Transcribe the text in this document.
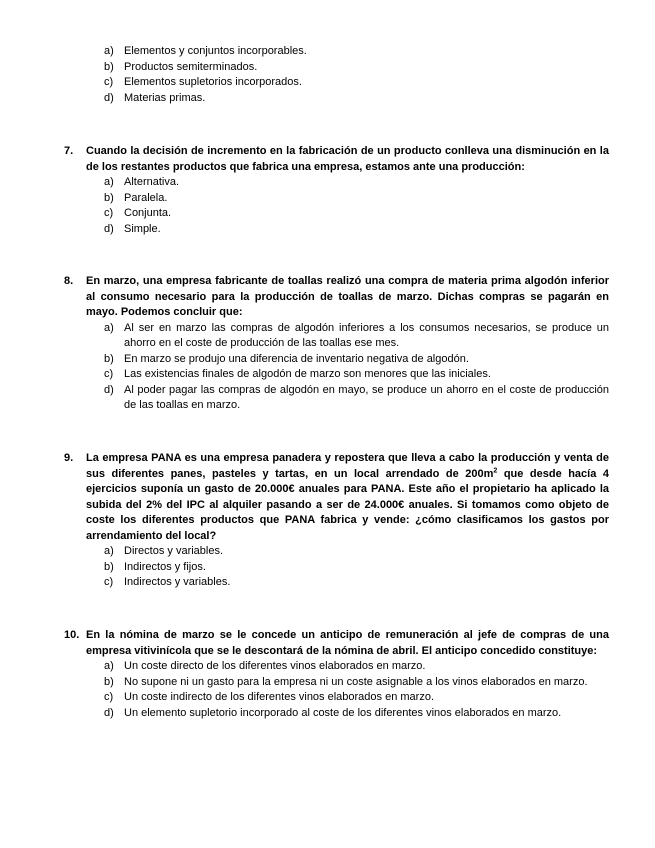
a) Elementos y conjuntos incorporables.
b) Productos semiterminados.
c) Elementos supletorios incorporados.
d) Materias primas.
7. Cuando la decisión de incremento en la fabricación de un producto conlleva una disminución en la de los restantes productos que fabrica una empresa, estamos ante una producción:
a) Alternativa.
b) Paralela.
c) Conjunta.
d) Simple.
8. En marzo, una empresa fabricante de toallas realizó una compra de materia prima algodón inferior al consumo necesario para la producción de toallas de marzo. Dichas compras se pagarán en mayo. Podemos concluir que:
a) Al ser en marzo las compras de algodón inferiores a los consumos necesarios, se produce un ahorro en el coste de producción de las toallas ese mes.
b) En marzo se produjo una diferencia de inventario negativa de algodón.
c) Las existencias finales de algodón de marzo son menores que las iniciales.
d) Al poder pagar las compras de algodón en mayo, se produce un ahorro en el coste de producción de las toallas en marzo.
9. La empresa PANA es una empresa panadera y repostera que lleva a cabo la producción y venta de sus diferentes panes, pasteles y tartas, en un local arrendado de $200m^2$ que desde hacía 4 ejercicios suponía un gasto de 20.000€ anuales para PANA. Este año el propietario ha aplicado la subida del 2% del IPC al alquiler pasando a ser de 24.000€ anuales. Si tomamos como objeto de coste los diferentes productos que PANA fabrica y vende: ¿cómo clasificamos los gastos por arrendamiento del local?
a) Directos y variables.
b) Indirectos y fijos.
c) Indirectos y variables.
10. En la nómina de marzo se le concede un anticipo de remuneración al jefe de compras de una empresa vitivinícola que se le descontará de la nómina de abril. El anticipo concedido constituye:
a) Un coste directo de los diferentes vinos elaborados en marzo.
b) No supone ni un gasto para la empresa ni un coste asignable a los vinos elaborados en marzo.
c) Un coste indirecto de los diferentes vinos elaborados en marzo.
d) Un elemento supletorio incorporado al coste de los diferentes vinos elaborados en marzo.
